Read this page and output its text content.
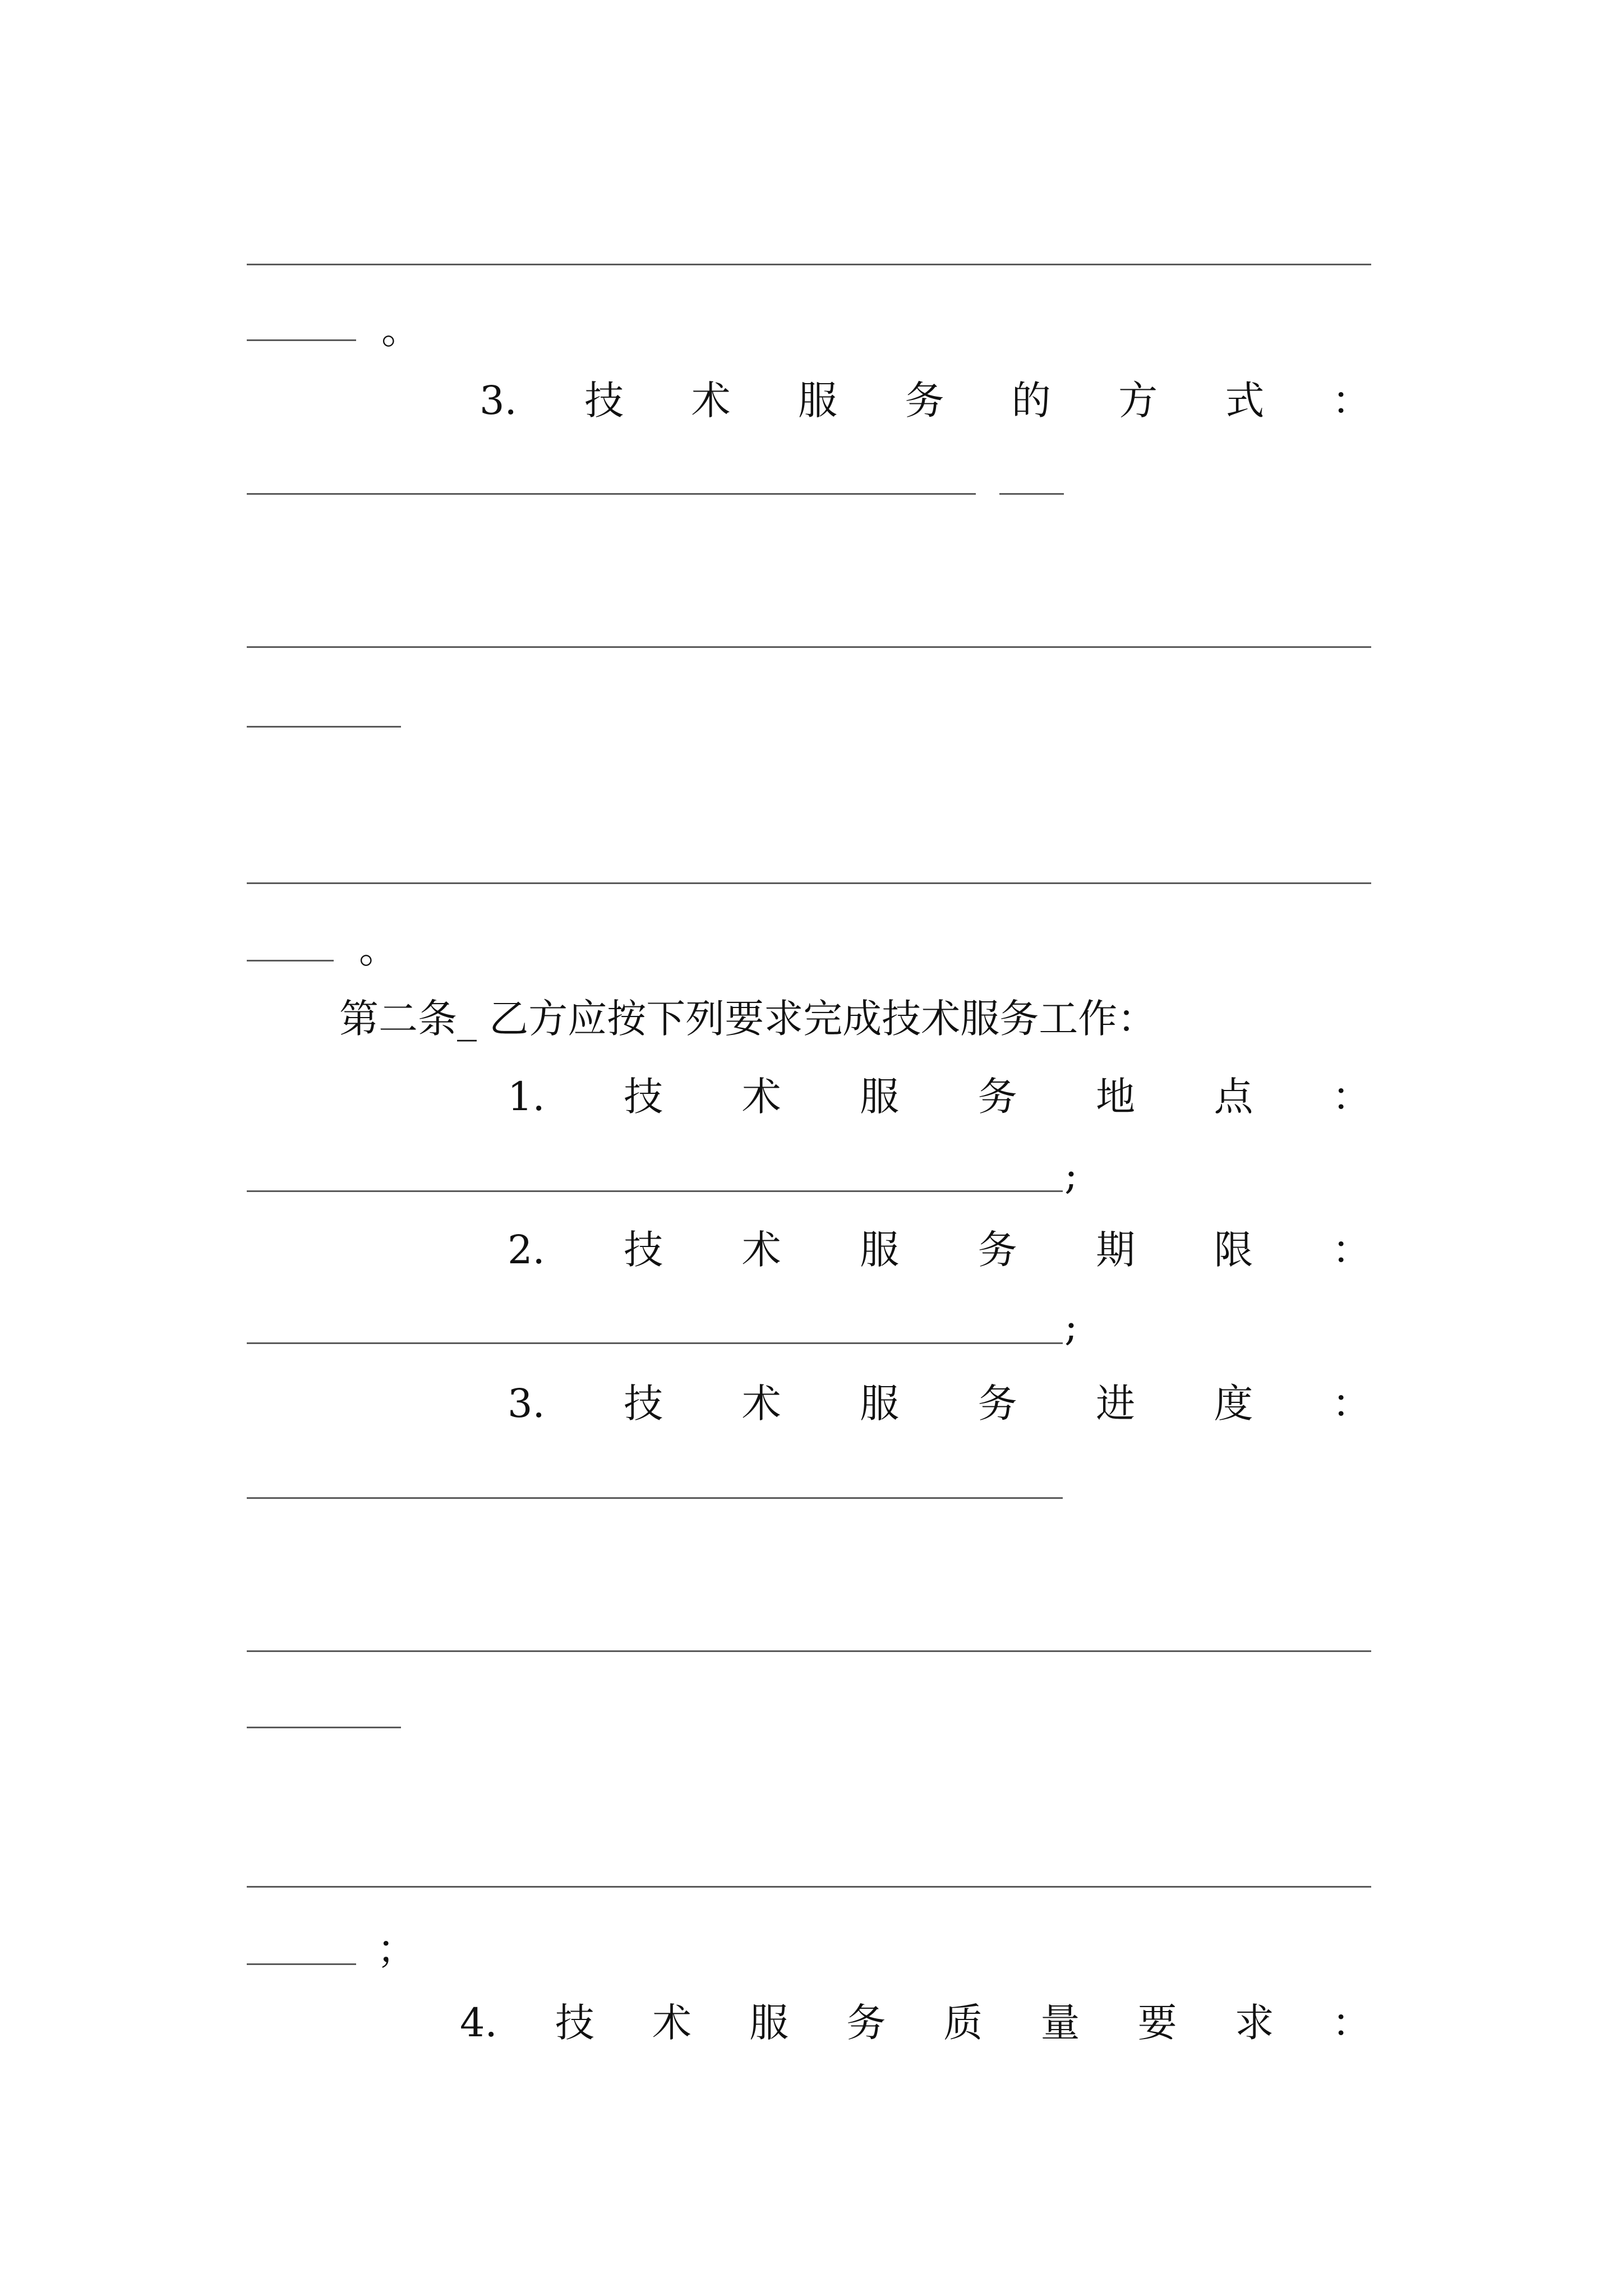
。
3. 技 术 服 务 的 方 式 ：
。
第二条_ 乙方应按下列要求完成技术服务工作：
1. 技 术 服 务 地 点 ：
;
2. 技 术 服 务 期 限 ：
;
3. 技 术 服 务 进 度 ：
；
4. 技 术 服 务 质 量 要 求 ：
